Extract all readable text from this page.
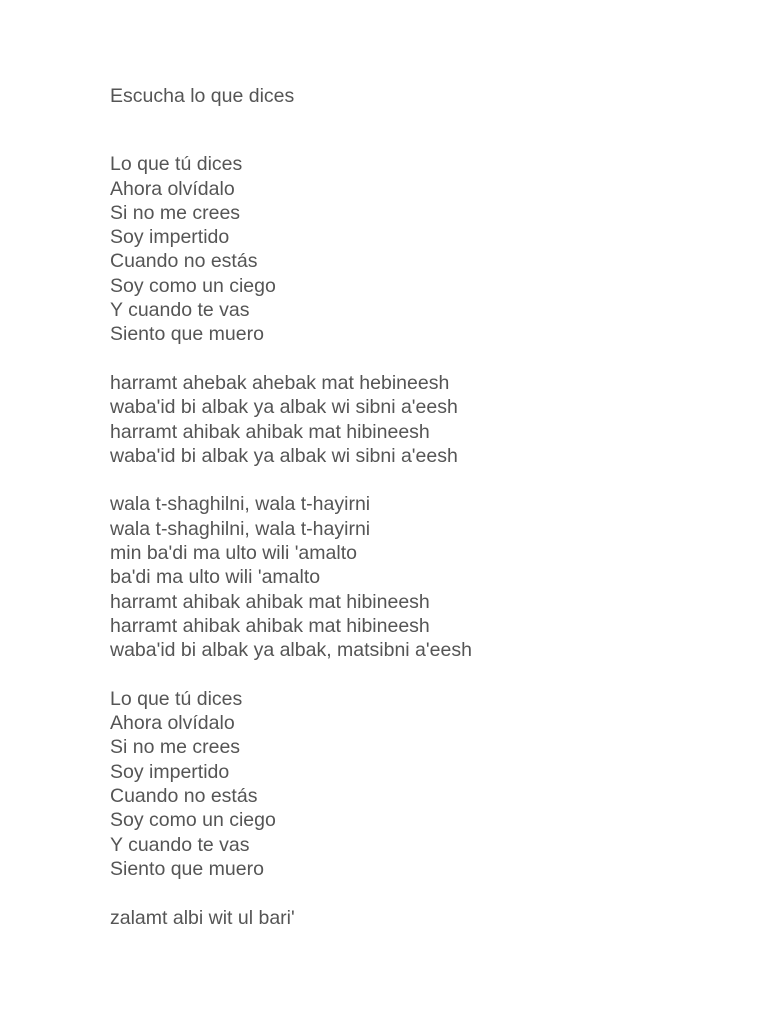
Escucha lo que dices
Lo que tú dices
Ahora olvídalo
Si no me crees
Soy impertido
Cuando no estás
Soy como un ciego
Y cuando te vas
Siento que muero
harramt ahebak ahebak mat hebineesh
waba'id bi albak ya albak wi sibni a'eesh
harramt ahibak ahibak mat hibineesh
waba'id bi albak ya albak wi sibni a'eesh
wala t-shaghilni, wala t-hayirni
wala t-shaghilni, wala t-hayirni
min ba'di ma ulto wili 'amalto
ba'di ma ulto wili 'amalto
harramt ahibak ahibak mat hibineesh
harramt ahibak ahibak mat hibineesh
waba'id bi albak ya albak, matsibni a'eesh
Lo que tú dices
Ahora olvídalo
Si no me crees
Soy impertido
Cuando no estás
Soy como un ciego
Y cuando te vas
Siento que muero
zalamt albi wit ul bari'
